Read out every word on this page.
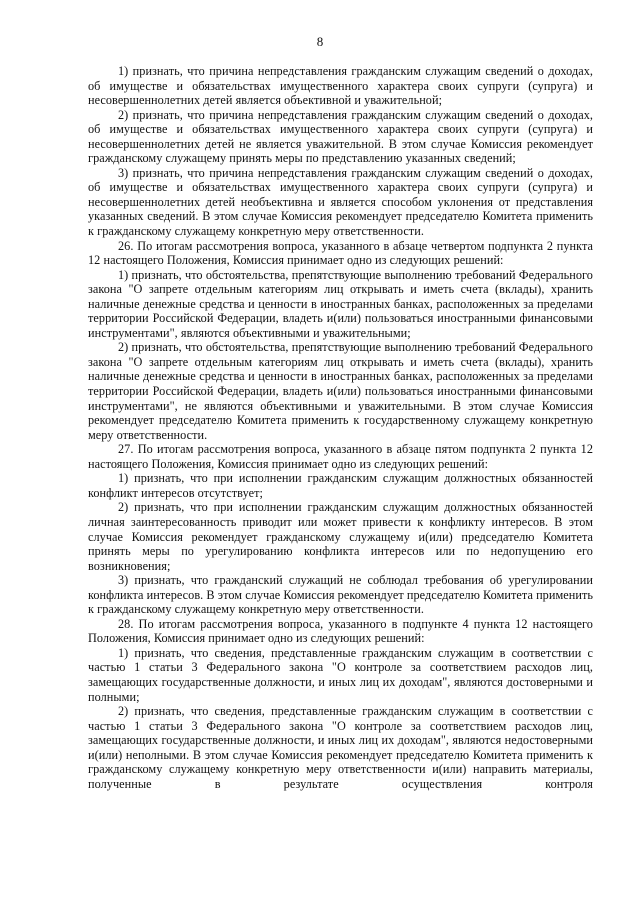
8

1) признать, что причина непредставления гражданским служащим сведений о доходах, об имуществе и обязательствах имущественного характера своих супруги (супруга) и несовершеннолетних детей является объективной и уважительной;

2) признать, что причина непредставления гражданским служащим сведений о доходах, об имуществе и обязательствах имущественного характера своих супруги (супруга) и несовершеннолетних детей не является уважительной. В этом случае Комиссия рекомендует гражданскому служащему принять меры по представлению указанных сведений;

3) признать, что причина непредставления гражданским служащим сведений о доходах, об имуществе и обязательствах имущественного характера своих супруги (супруга) и несовершеннолетних детей необъективна и является способом уклонения от представления указанных сведений. В этом случае Комиссия рекомендует председателю Комитета применить к гражданскому служащему конкретную меру ответственности.

26. По итогам рассмотрения вопроса, указанного в абзаце четвертом подпункта 2 пункта 12 настоящего Положения, Комиссия принимает одно из следующих решений:

1) признать, что обстоятельства, препятствующие выполнению требований Федерального закона "О запрете отдельным категориям лиц открывать и иметь счета (вклады), хранить наличные денежные средства и ценности в иностранных банках, расположенных за пределами территории Российской Федерации, владеть и(или) пользоваться иностранными финансовыми инструментами", являются объективными и уважительными;

2) признать, что обстоятельства, препятствующие выполнению требований Федерального закона "О запрете отдельным категориям лиц открывать и иметь счета (вклады), хранить наличные денежные средства и ценности в иностранных банках, расположенных за пределами территории Российской Федерации, владеть и(или) пользоваться иностранными финансовыми инструментами", не являются объективными и уважительными. В этом случае Комиссия рекомендует председателю Комитета применить к государственному служащему конкретную меру ответственности.

27. По итогам рассмотрения вопроса, указанного в абзаце пятом подпункта 2 пункта 12 настоящего Положения, Комиссия принимает одно из следующих решений:

1) признать, что при исполнении гражданским служащим должностных обязанностей конфликт интересов отсутствует;

2) признать, что при исполнении гражданским служащим должностных обязанностей личная заинтересованность приводит или может привести к конфликту интересов. В этом случае Комиссия рекомендует гражданскому служащему и(или) председателю Комитета принять меры по урегулированию конфликта интересов или по недопущению его возникновения;

3) признать, что гражданский служащий не соблюдал требования об урегулировании конфликта интересов. В этом случае Комиссия рекомендует председателю Комитета применить к гражданскому служащему конкретную меру ответственности.

28. По итогам рассмотрения вопроса, указанного в подпункте 4 пункта 12 настоящего Положения, Комиссия принимает одно из следующих решений:

1) признать, что сведения, представленные гражданским служащим в соответствии с частью 1 статьи 3 Федерального закона "О контроле за соответствием расходов лиц, замещающих государственные должности, и иных лиц их доходам", являются достоверными и полными;

2) признать, что сведения, представленные гражданским служащим в соответствии с частью 1 статьи 3 Федерального закона "О контроле за соответствием расходов лиц, замещающих государственные должности, и иных лиц их доходам", являются недостоверными и(или) неполными. В этом случае Комиссия рекомендует председателю Комитета применить к гражданскому служащему конкретную меру ответственности и(или) направить материалы, полученные в результате осуществления контроля
